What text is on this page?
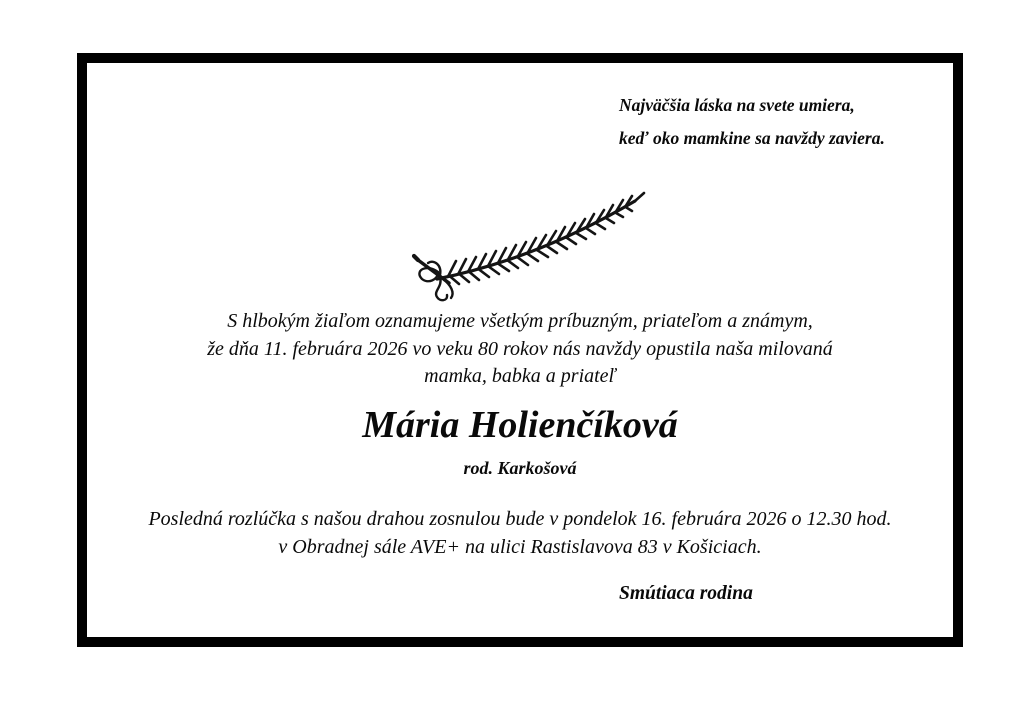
Najväčšia láska na svete umiera,
keď oko mamkine sa navždy zaviera.
S hlbokým žiaľom oznamujeme všetkým príbuzným, priateľom a známym,
že dňa 11. februára 2026 vo veku 80 rokov nás navždy opustila naša milovaná
mamka, babka a priateľ
Mária Holienčíková
rod. Karkošová
Posledná rozlúčka s našou drahou zosnulou bude v pondelok 16. februára 2026 o 12.30 hod.
v Obradnej sále AVE+ na ulici Rastislavova 83 v Košiciach.
Smútiaca rodina
